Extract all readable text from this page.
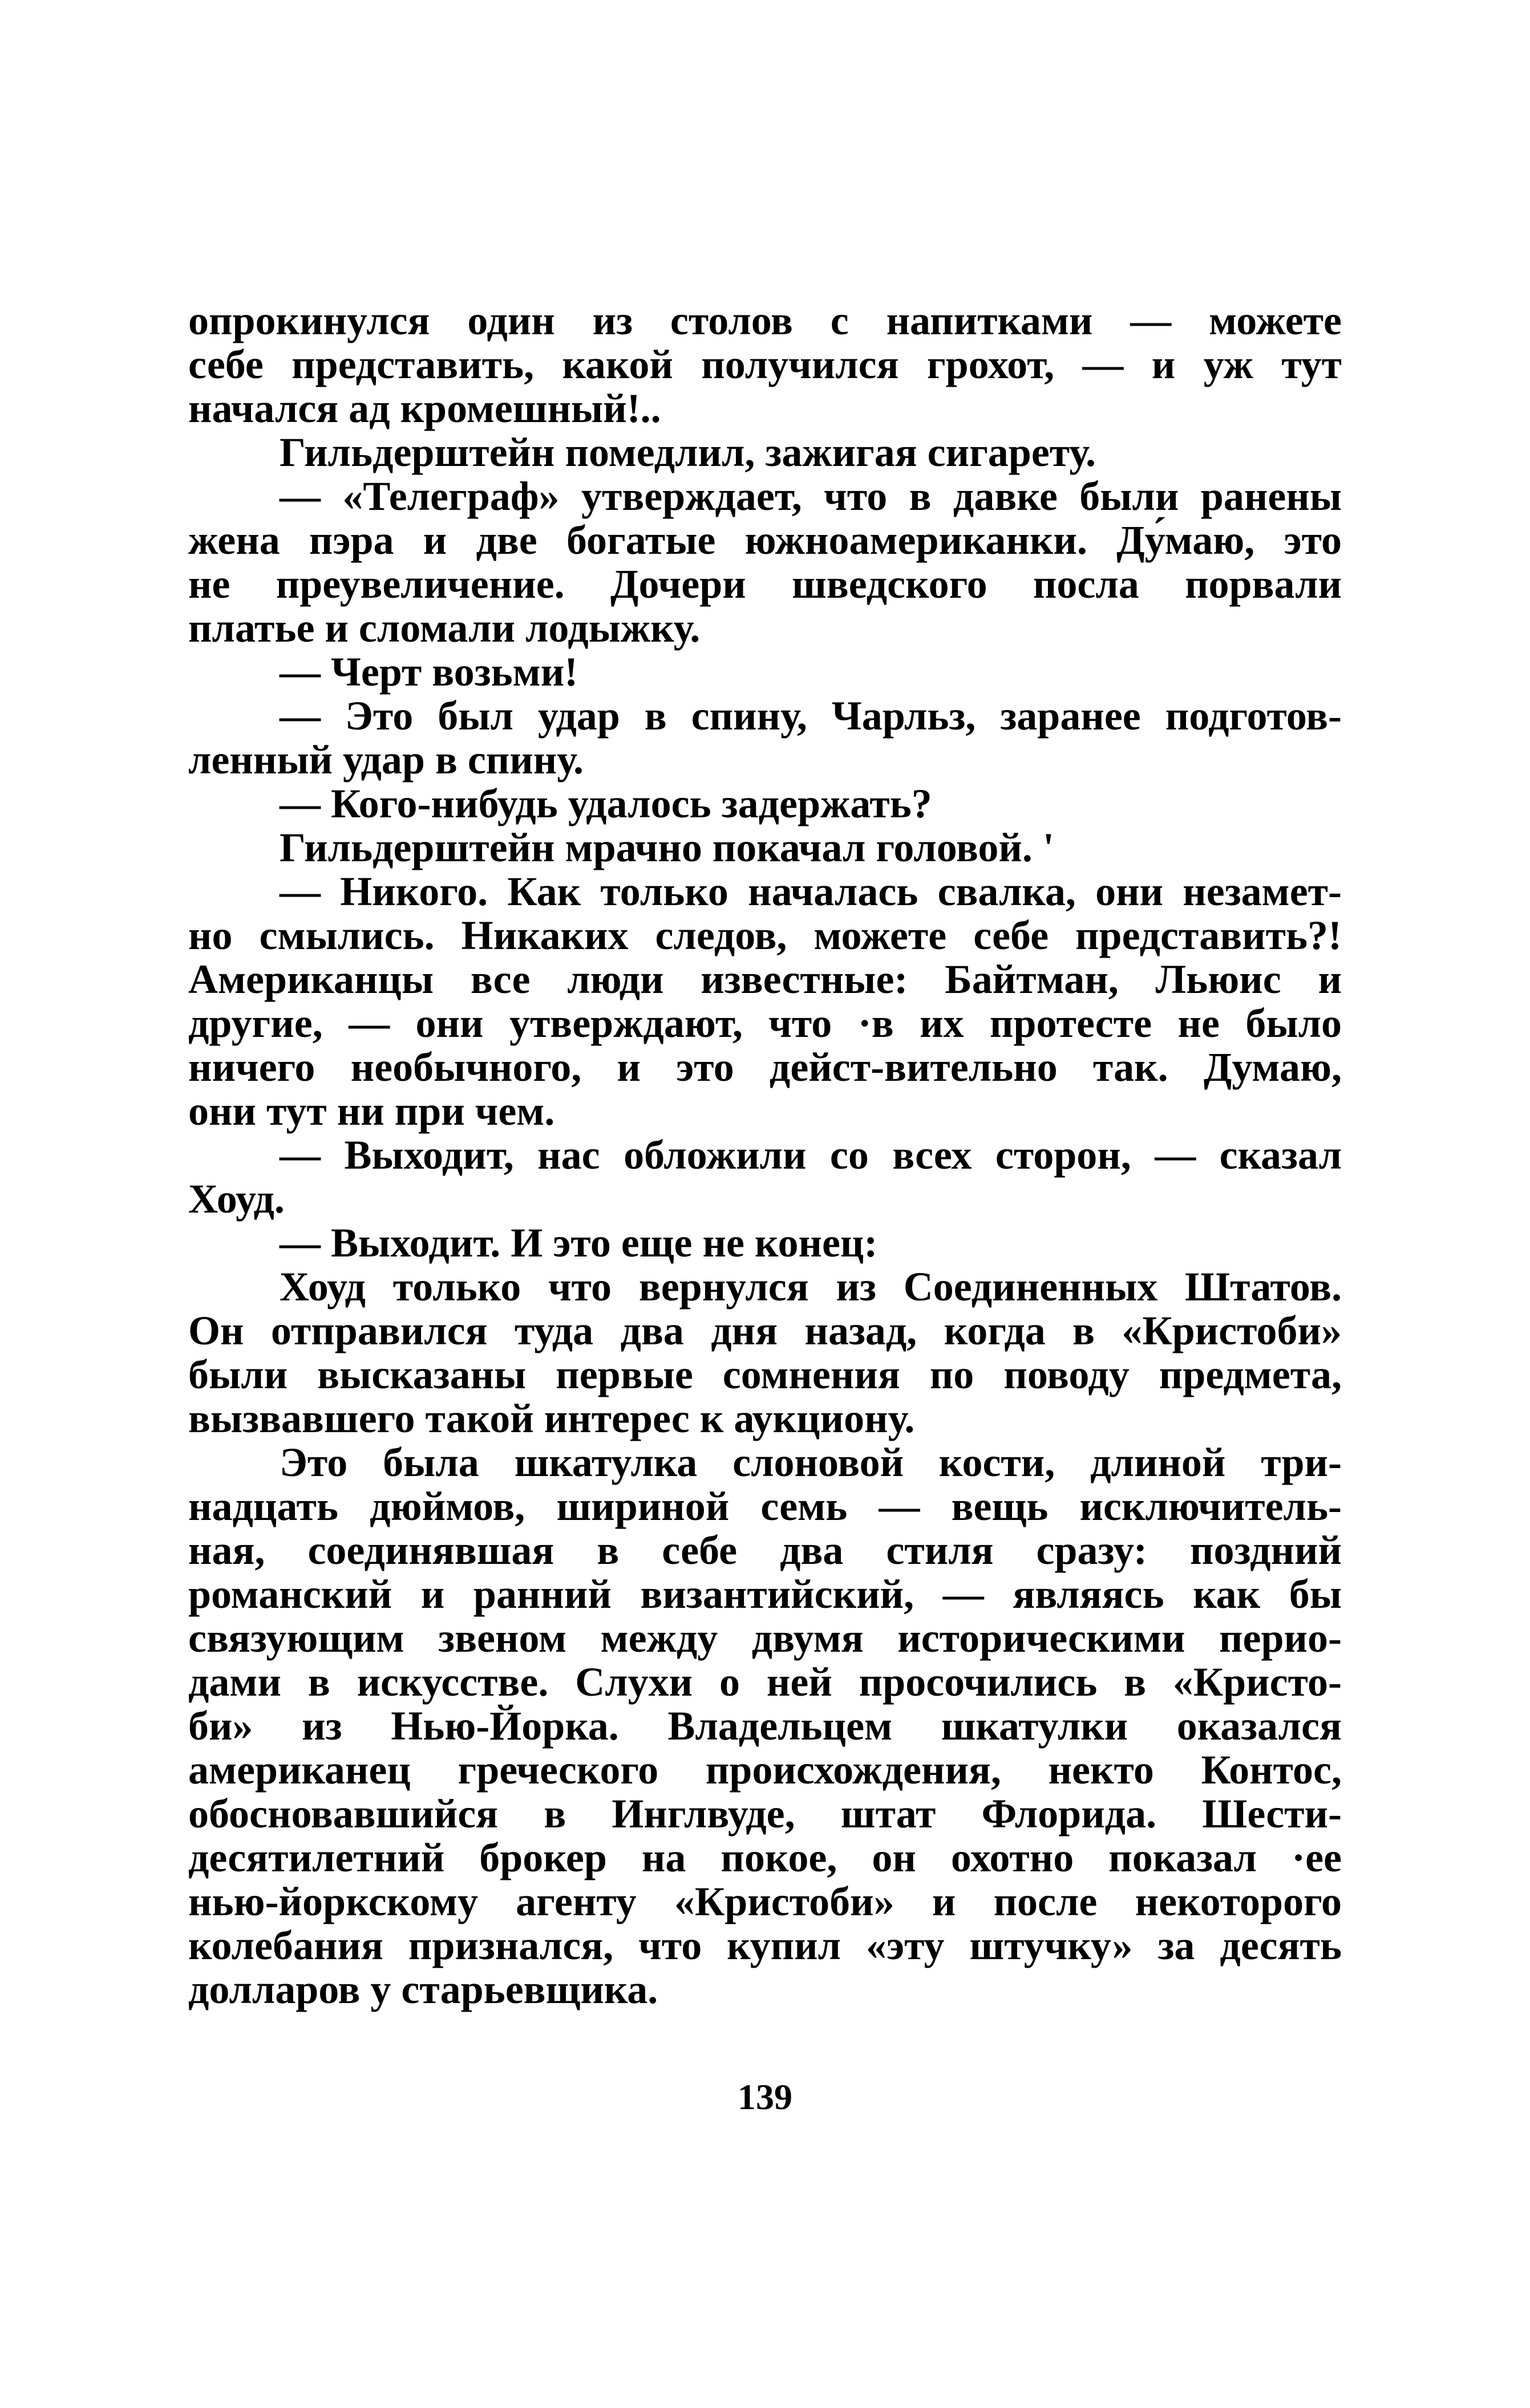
опрокинулся один из столов с напитками — можете
себе представить, какой получился грохот, — и уж тут
начался ад кромешный!..
Гильдерштейн помедлил, зажигая сигарету.
— «Телеграф» утверждает, что в давке были ранены
жена пэра и две богатые южноамериканки. Ду́маю, это
не преувеличение. Дочери шведского посла порвали
платье и сломали лодыжку.
— Черт возьми!
— Это был удар в спину, Чарльз, заранее подготов-
ленный удар в спину.
— Кого-нибудь удалось задержать?
Гильдерштейн мрачно покачал головой. '
— Никого. Как только началась свалка, они незамет-
но смылись. Никаких следов, можете себе представить?!
Американцы все люди известные: Байтман, Льюис и
другие, — они утверждают, что ·в их протесте не было
ничего необычного, и это дейст-вительно так. Думаю,
они тут ни при чем.
— Выходит, нас обложили со всех сторон, — сказал
Хоуд.
— Выходит. И это еще не конец:
Хоуд только что вернулся из Соединенных Штатов.
Он отправился туда два дня назад, когда в «Кристоби»
были высказаны первые сомнения по поводу предмета,
вызвавшего такой интерес к аукциону.
Это была шкатулка слоновой кости, длиной три-
надцать дюймов, шириной семь — вещь исключитель-
ная, соединявшая в себе два стиля сразу: поздний
романский и ранний византийский, — являясь как бы
связующим звеном между двумя историческими перио-
дами в искусстве. Слухи о ней просочились в «Кристо-
би» из Нью-Йорка. Владельцем шкатулки оказался
американец греческого происхождения, некто Контос,
обосновавшийся в Инглвуде, штат Флорида. Шести-
десятилетний брокер на покое, он охотно показал ·ее
нью-йоркскому агенту «Кристоби» и после некоторого
колебания признался, что купил «эту штучку» за десять
долларов у старьевщика.
139
